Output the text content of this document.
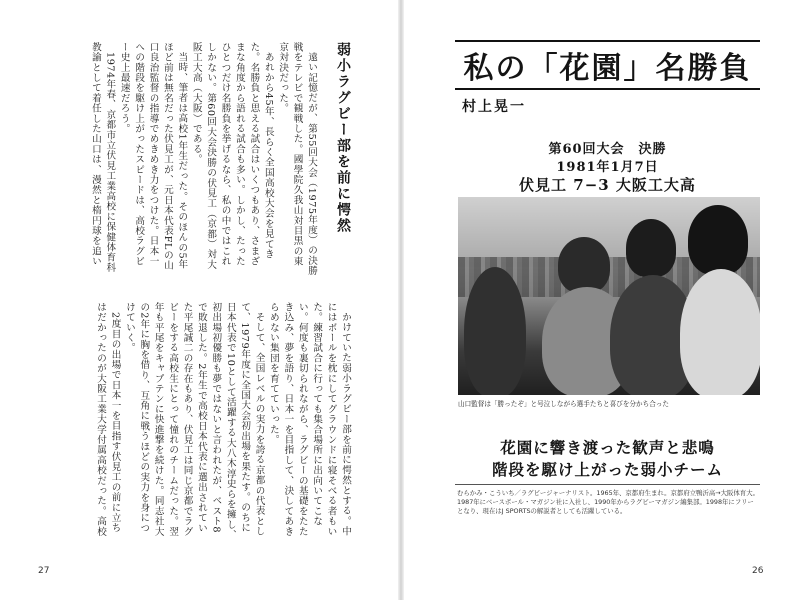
弱小ラグビー部を前に愕然

遠い記憶だが、第55回大会（1975年度）の決勝戦をテレビで観戦した。國學院久我山対目黒の東京対決だった。

あれから45年、長らく全国高校大会を見てきた。名勝負と思える試合はいくつもあり、さまざまな角度から語れる試合も多い。しかし、たったひとつだけ名勝負を挙げるなら、私の中ではこれしかない。第60回大会決勝の伏見工（京都）対大阪工大高（大阪）である。

当時、筆者は高校1年生だった。そのほんの5年ほど前は無名だった伏見工が、元日本代表FLの山口良治監督の指導でめきめき力をつけた。日本一への階段を駆け上がったスピードは、高校ラグビー史上最速だろう。

1974年春、京都市立伏見工業高校に保健体育科教諭として着任した山口は、漫然と楕円球を追い

かけていた弱小ラグビー部を前に愕然とする。中にはボールを枕にしてグラウンドに寝そべる者もいた。練習試合に行っても集合場所に出向いてこない。何度も裏切られながら、ラグビーの基礎をたたき込み、夢を語り、日本一を目指して、決してあきらめない集団を育てていった。

そして、全国レベルの実力を誇る京都の代表として、1979年度に全国大会初出場を果たす。のちに日本代表で10として活躍する大八木淳史らを擁し、初出場初優勝も夢ではないと言われたが、ベスト8で敗退した。2年生で高校日本代表に選出されていた平尾誠二の存在もあり、伏見工は同じ京都でラグビーをする高校生にとって憧れのチームだった。翌年も平尾をキャプテンに快進撃を続けた。同志社大の2年に胸を借り、互角に戦うほどの実力を身につけていく。

2度目の出場で日本一を目指す伏見工の前に立ちはだかったのが大阪工業大学付属高校だった。高校

27
私の「花園」名勝負
村上晃一
第60回大会　決勝
1981年1月7日
伏見工 7−3 大阪工大高
山口監督は「勝ったぞ」と号泣しながら選手たちと喜びを分かち合った
花園に響き渡った歓声と悲鳴
階段を駆け上がった弱小チーム
むらかみ・こういち／ラグビージャーナリスト。1965年、京都府生まれ。京都府立鴨沂高→大阪体育大。1987年にベースボール・マガジン社に入社し、1990年からラグビーマガジン編集部。1998年にフリーとなり、現在はJ SPORTSの解説者としても活躍している。
26
